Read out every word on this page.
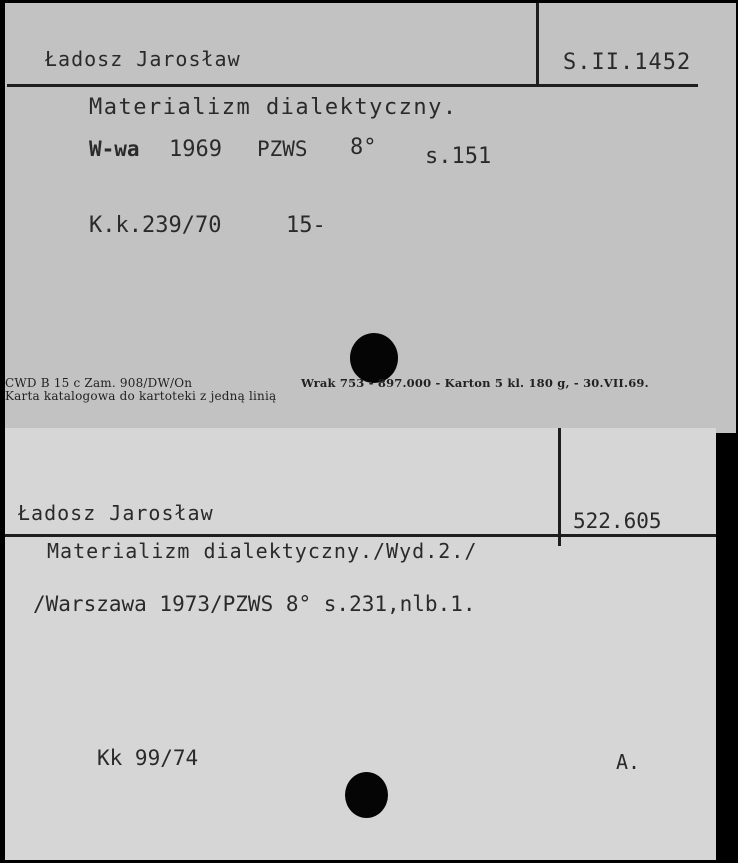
Ładosz Jarosław	S.II.1452
Materializm dialektyczny.
W-wa 1969 PZWS 8° s.151
K.k.239/70	15-
CWD B 15 c Zam. 908/DW/On	Wrak 753 - 897.000 - Karton 5 kl. 180 g, - 30.VII.69.
Karta katalogowa do kartoteki z jedną linią
Ładosz Jarosław	522.605
Materializm dialektyczny./Wyd.2./
/Warszawa 1973/PZWS 8° s.231,nlb.1.
Kk 99/74	A.
